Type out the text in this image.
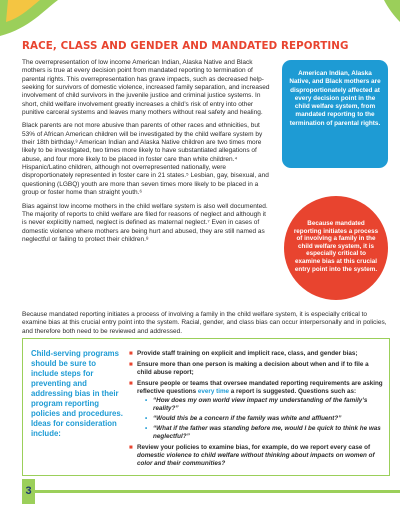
RACE, CLASS AND GENDER AND MANDATED REPORTING

The overrepresentation of low income American Indian, Alaska Native and Black mothers is true at every decision point from mandated reporting to termination of parental rights. This overrepresentation has grave impacts, such as decreased help-seeking for survivors of domestic violence, increased family separation, and increased involvement of child survivors in the juvenile justice and criminal justice systems. In short, child welfare involvement greatly increases a child’s risk of entry into other punitive carceral systems and leaves many mothers without real safety and healing.

Black parents are not more abusive than parents of other races and ethnicities, but 53% of African American children will be investigated by the child welfare system by their 18th birthday.³ American Indian and Alaska Native children are two times more likely to be investigated, two times more likely to have substantiated allegations of abuse, and four more likely to be placed in foster care than white children.⁴ Hispanic/Latino children, although not overrepresented nationally, were disproportionately represented in foster care in 21 states.⁵ Lesbian, gay, bisexual, and questioning (LGBQ) youth are more than seven times more likely to be placed in a group or foster home than straight youth.⁶

Bias against low income mothers in the child welfare system is also well documented. The majority of reports to child welfare are filed for reasons of neglect and although it is never explicitly named, neglect is defined as maternal neglect.⁷ Even in cases of domestic violence where mothers are being hurt and abused, they are still named as neglectful or failing to protect their children.⁸

American Indian, Alaska Native, and Black mothers are disproportionately affected at every decision point in the child welfare system, from mandated reporting to the termination of parental rights.
Because mandated reporting initiates a process of involving a family in the child welfare system, it is especially critical to examine bias at this crucial entry point into the system.
Because mandated reporting initiates a process of involving a family in the child welfare system, it is especially critical to examine bias at this crucial entry point into the system. Racial, gender, and class bias can occur interpersonally and in policies, and therefore both need to be reviewed and addressed.
Child-serving programs should be sure to include steps for preventing and addressing bias in their program reporting policies and procedures. Ideas for consideration include:
■ Provide staff training on explicit and implicit race, class, and gender bias;
■ Ensure more than one person is making a decision about when and if to file a child abuse report;
■ Ensure people or teams that oversee mandated reporting requirements are asking reflective questions every time a report is suggested. Questions such as:
• “How does my own world view impact my understanding of the family’s reality?”
• “Would this be a concern if the family was white and affluent?”
• “What if the father was standing before me, would I be quick to think he was neglectful?”
■ Review your policies to examine bias, for example, do we report every case of domestic violence to child welfare without thinking about impacts on women of color and their communities?
3
